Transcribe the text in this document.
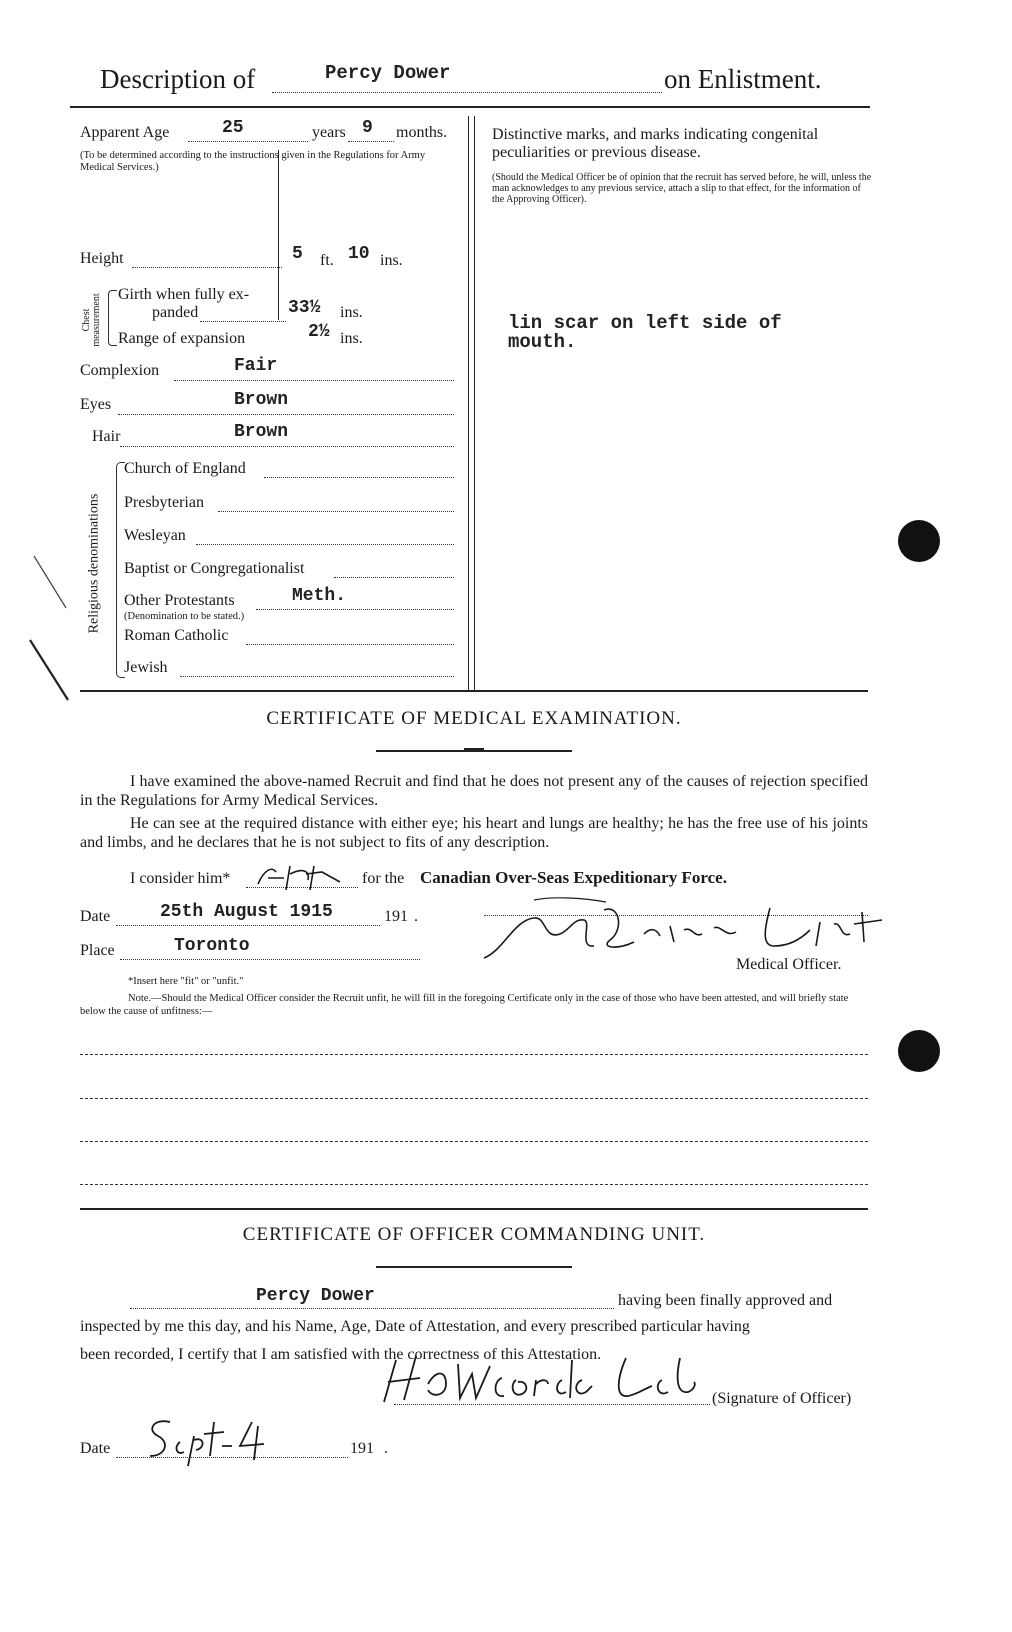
Description of	Percy Dower	on Enlistment.
Apparent Age	25	years 9 months.
(To be determined according to the instructions given in the Regulations for Army Medical Services.)
Height	5 ft. 10 ins.
Chest measurement Girth when fully ex-
panded	33½ ins.
Range of expansion	2½ ins.
Complexion	Fair
Eyes	Brown
Hair	Brown
Religious denominations
Church of England
Presbyterian
Wesleyan
Baptist or Congregationalist
Other Protestants	Meth.
(Denomination to be stated.)
Roman Catholic
Jewish
Distinctive marks, and marks indicating congenital peculiarities or previous disease.
(Should the Medical Officer be of opinion that the recruit has served before, he will, unless the man acknowledges to any previous service, attach a slip to that effect, for the information of the Approving Officer).
lin scar on left side of
mouth.
CERTIFICATE OF MEDICAL EXAMINATION.
I have examined the above-named Recruit and find that he does not present any of the causes of rejection specified in the Regulations for Army Medical Services.
He can see at the required distance with either eye; his heart and lungs are healthy; he has the free use of his joints and limbs, and he declares that he is not subject to fits of any description.
I consider him*	for the Canadian Over-Seas Expeditionary Force.
Date	25th August 1915	191 .
Place	Toronto
Medical Officer.
*Insert here "fit" or "unfit."
Note.—Should the Medical Officer consider the Recruit unfit, he will fill in the foregoing Certificate only in the case of those who have been attested, and will briefly state below the cause of unfitness:—
CERTIFICATE OF OFFICER COMMANDING UNIT.
Percy Dower	having been finally approved and
inspected by me this day, and his Name, Age, Date of Attestation, and every prescribed particular having
been recorded, I certify that I am satisfied with the correctness of this Attestation.
(Signature of Officer)
Date	191 .
